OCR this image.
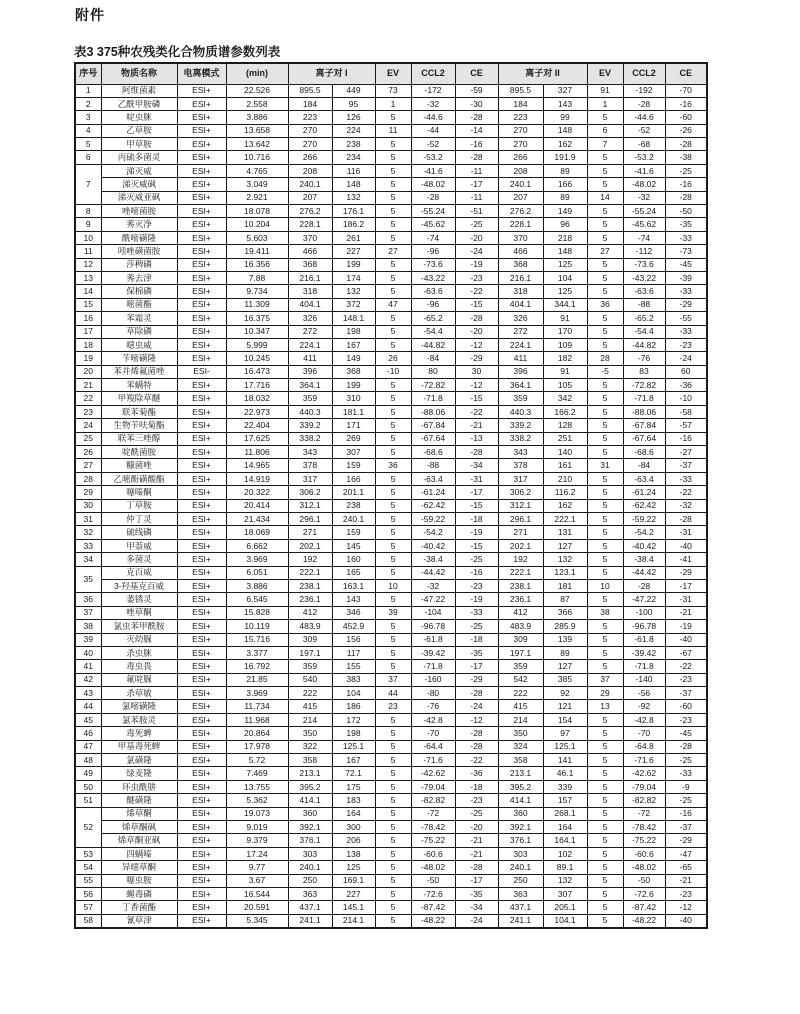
附件
表3 375种农残类化合物质谱参数列表
序号	物质名称	电离模式	(min)	离子对 I		EV	CCL2	CE	离子对 II		EV	CCL2	CE
1	阿维菌素	ESI+	22.526	895.5	449	73	-172	-59	895.5	327	91	-192	-70
2	乙酰甲胺磷	ESI+	2.558	184	95	1	-32	-30	184	143	1	-28	-16
3	啶虫脒	ESI+	3.886	223	126	5	-44.6	-28	223	99	5	-44.6	-60
4	乙草胺	ESI+	13.658	270	224	11	-44	-14	270	148	6	-52	-26
5	甲草胺	ESI+	13.642	270	238	5	-52	-16	270	162	7	-68	-28
6	丙硫多菌灵	ESI+	10.716	266	234	5	-53.2	-28	266	191.9	5	-53.2	-38
7	涕灭威	ESI+	4.765	208	116	5	-41.6	-11	208	89	5	-41.6	-25
	涕灭威砜	ESI+	3.049	240.1	148	5	-48.02	-17	240.1	166	5	-48.02	-16
	涕灭威亚砜	ESI+	2.921	207	132	5	-28	-11	207	89	14	-32	-28
8	唑嘧菌胺	ESI+	18.078	276.2	176.1	5	-55.24	-51	276.2	149	5	-55.24	-50
9	莠灭净	ESI+	10.204	228.1	186.2	5	-45.62	-25	228.1	96	5	-45.62	-35
10	酰嘧磺隆	ESI+	5.603	370	261	5	-74	-20	370	218	5	-74	-33
11	吲唑磺菌胺	ESI+	19.411	466	227	27	-96	-24	466	148	27	-112	-73
12	莎稗磷	ESI+	16.356	368	199	5	-73.6	-19	368	125	5	-73.6	-45
13	莠去津	ESI+	7.88	216.1	174	5	-43.22	-23	216.1	104	5	-43.22	-39
14	保棉磷	ESI+	9.734	318	132	5	-63.6	-22	318	125	5	-63.6	-33
15	嘧菌酯	ESI+	11.309	404.1	372	47	-96	-15	404.1	344.1	36	-88	-29
16	苯霜灵	ESI+	16.375	326	148.1	5	-65.2	-28	326	91	5	-65.2	-55
17	草除磷	ESI+	10.347	272	198	5	-54.4	-20	272	170	5	-54.4	-33
18	噁虫威	ESI+	5.999	224.1	167	5	-44.82	-12	224.1	109	5	-44.82	-23
19	苄嘧磺隆	ESI+	10.245	411	149	26	-84	-29	411	182	28	-76	-24
20	苯并烯氟菌唑	ESI-	16.473	396	368	-10	80	30	396	91	-5	83	60
21	苯螨特	ESI+	17.716	364.1	199	5	-72.82	-12	364.1	105	5	-72.82	-36
22	甲羧除草醚	ESI+	18.032	359	310	5	-71.8	-15	359	342	5	-71.8	-10
23	联苯菊酯	ESI+	22.973	440.3	181.1	5	-88.06	-22	440.3	166.2	5	-88.06	-58
24	生物苄呋菊酯	ESI+	22.404	339.2	171	5	-67.84	-21	339.2	128	5	-67.84	-57
25	联苯三唑醇	ESI+	17.625	338.2	269	5	-67.64	-13	338.2	251	5	-67.64	-16
26	啶酰菌胺	ESI+	11.806	343	307	5	-68.6	-28	343	140	5	-68.6	-27
27	糠菌唑	ESI+	14.965	378	159	36	-88	-34	378	161	31	-84	-37
28	乙嘧酚磺酸酯	ESI+	14.919	317	166	5	-63.4	-31	317	210	5	-63.4	-33
29	噻嗪酮	ESI+	20.322	306.2	201.1	5	-61.24	-17	306.2	116.2	5	-61.24	-22
30	丁草胺	ESI+	20.414	312.1	238	5	-62.42	-15	312.1	162	5	-62.42	-32
31	仲丁灵	ESI+	21.434	296.1	240.1	5	-59.22	-18	296.1	222.1	5	-59.22	-28
32	硫线磷	ESI+	18.069	271	159	5	-54.2	-19	271	131	5	-54.2	-31
33	甲萘威	ESI+	6.662	202.1	145	5	-40.42	-15	202.1	127	5	-40.42	-40
34	多菌灵	ESI+	3.969	192	160	5	-38.4	-25	192	132	5	-38.4	-41
35	克百威	ESI+	6.051	222.1	165	5	-44.42	-16	222.1	123.1	5	-44.42	-29
	3-羟基克百威	ESI+	3.886	238.1	163.1	10	-32	-23	238.1	181	10	-28	-17
36	萎锈灵	ESI+	6.545	236.1	143	5	-47.22	-19	236.1	87	5	-47.22	-31
37	唑草酮	ESI+	15.828	412	346	39	-104	-33	412	366	38	-100	-21
38	氯虫苯甲酰胺	ESI+	10.119	483.9	452.9	5	-96.78	-25	483.9	285.9	5	-96.78	-19
39	灭幼脲	ESI+	15.716	309	156	5	-61.8	-18	309	139	5	-61.8	-40
40	杀虫脒	ESI+	3.377	197.1	117	5	-39.42	-35	197.1	89	5	-39.42	-67
41	毒虫畏	ESI+	16.792	359	155	5	-71.8	-17	359	127	5	-71.8	-22
42	氟啶脲	ESI+	21.85	540	383	37	-160	-29	542	385	37	-140	-23
43	杀草敏	ESI+	3.969	222	104	44	-80	-28	222	92	29	-56	-37
44	氯嘧磺隆	ESI+	11.734	415	186	23	-76	-24	415	121	13	-92	-60
45	氯苯胺灵	ESI+	11.968	214	172	5	-42.8	-12	214	154	5	-42.8	-23
46	毒死蜱	ESI+	20.864	350	198	5	-70	-28	350	97	5	-70	-45
47	甲基毒死蜱	ESI+	17.978	322	125.1	5	-64.4	-28	324	125.1	5	-64.8	-28
48	氯磺隆	ESI+	5.72	358	167	5	-71.6	-22	358	141	5	-71.6	-25
49	绿麦隆	ESI+	7.469	213.1	72.1	5	-42.62	-36	213.1	46.1	5	-42.62	-33
50	环虫酰肼	ESI+	13.755	395.2	175	5	-79.04	-18	395.2	339	5	-79.04	-9
51	醚磺隆	ESI+	5.362	414.1	183	5	-82.82	-23	414.1	157	5	-82.82	-25
52	烯草酮	ESI+	19.073	360	164	5	-72	-25	360	268.1	5	-72	-16
	烯草酮砜	ESI+	9.019	392.1	300	5	-78.42	-20	392.1	164	5	-78.42	-37
	烯草酮亚砜	ESI+	9.379	376.1	206	5	-75.22	-21	376.1	164.1	5	-75.22	-29
53	四螨嗪	ESI+	17.24	303	138	5	-60.6	-21	303	102	5	-60.6	-47
54	异噁草酮	ESI+	9.77	240.1	125	5	-48.02	-28	240.1	89.1	5	-48.02	-65
55	噻虫胺	ESI+	3.67	250	169.1	5	-50	-17	250	132	5	-50	-21
56	蝇毒磷	ESI+	16.544	363	227	5	-72.6	-35	363	307	5	-72.6	-23
57	丁香菌酯	ESI+	20.591	437.1	145.1	5	-87.42	-34	437.1	205.1	5	-87.42	-12
58	氰草津	ESI+	5.345	241.1	214.1	5	-48.22	-24	241.1	104.1	5	-48.22	-40
